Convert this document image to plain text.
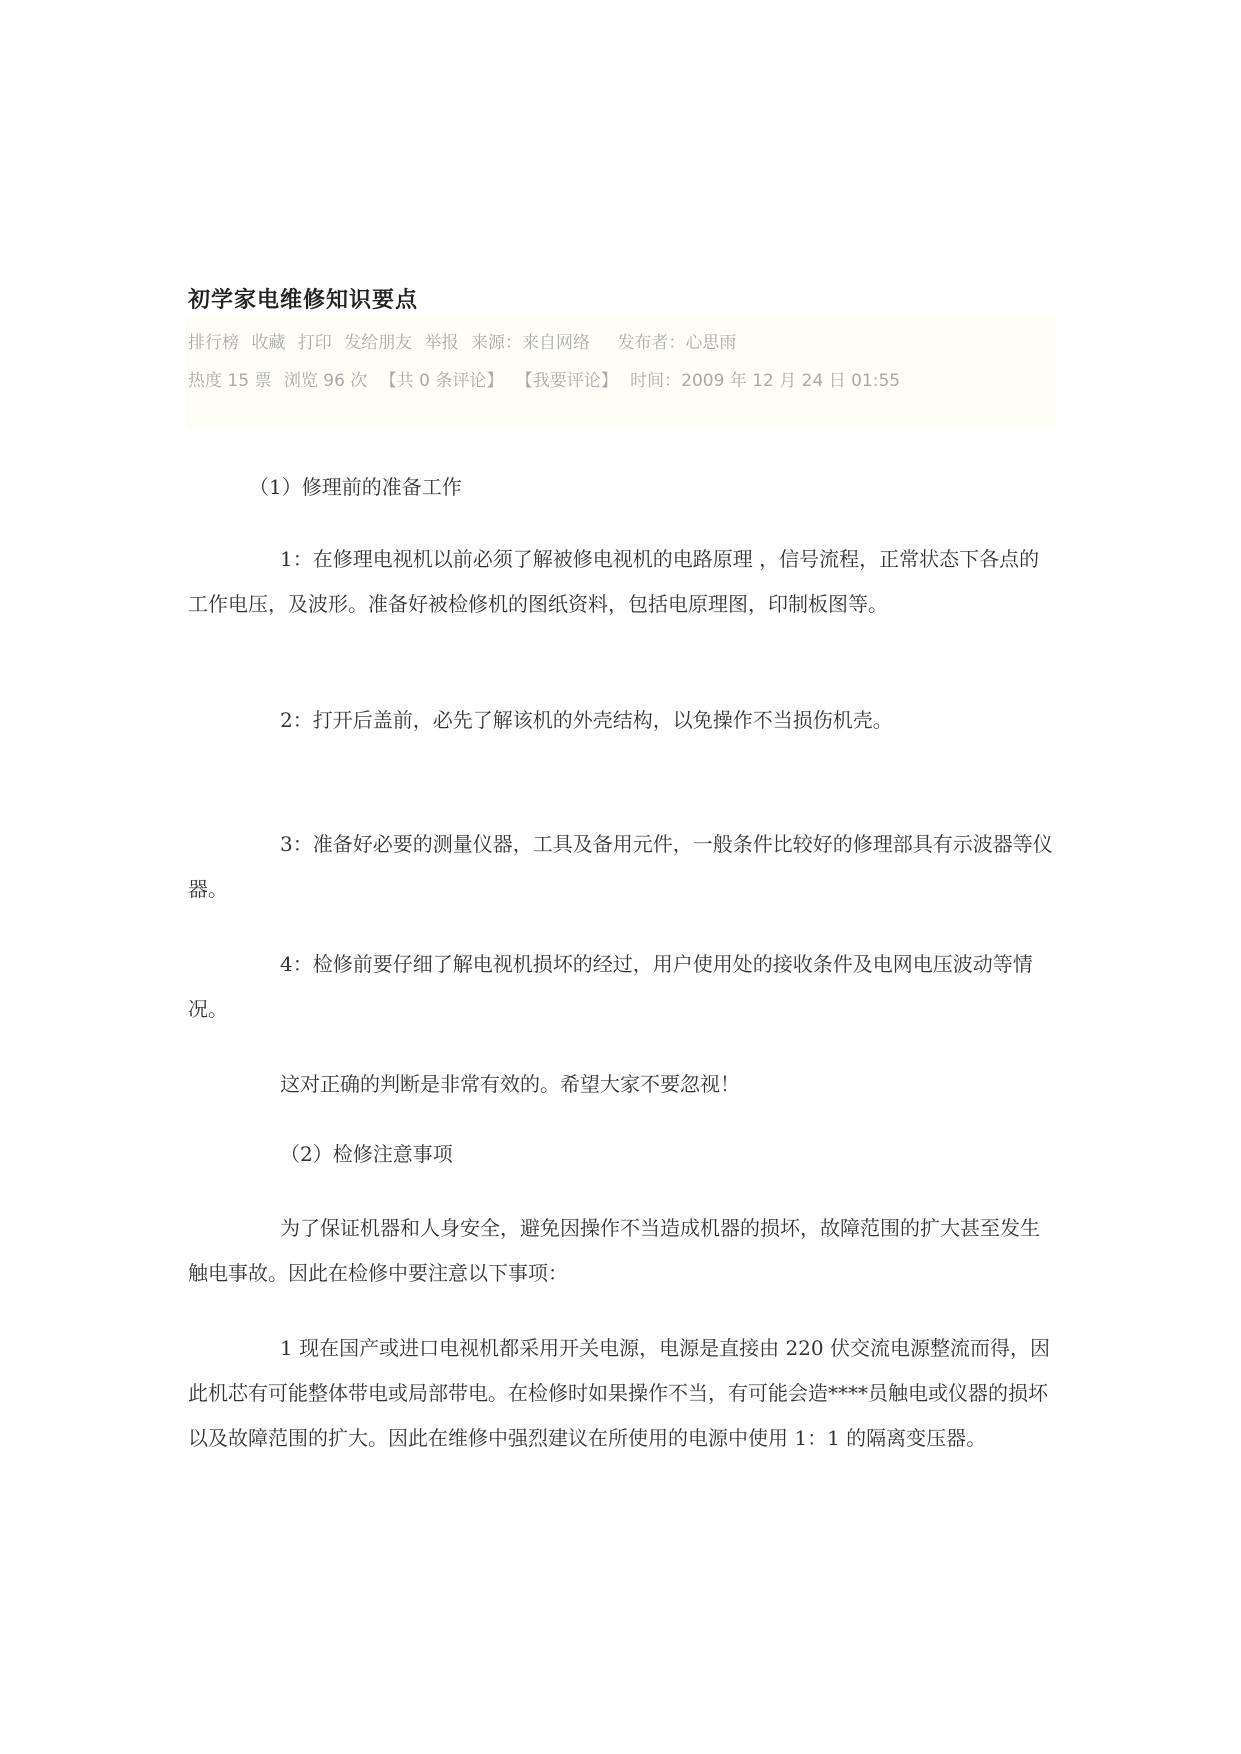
初学家电维修知识要点
排行榜 收藏 打印 发给朋友 举报 来源：来自网络 发布者：心思雨
热度 15 票 浏览 96 次 【共 0 条评论】 【我要评论】 时间：2009 年 12 月 24 日 01:55
（1）修理前的准备工作
1：在修理电视机以前必须了解被修电视机的电路原理 ，信号流程，正常状态下各点的工作电压，及波形。准备好被检修机的图纸资料，包括电原理图，印制板图等。
2：打开后盖前，必先了解该机的外壳结构，以免操作不当损伤机壳。
3：准备好必要的测量仪器，工具及备用元件，一般条件比较好的修理部具有示波器等仪器。
4：检修前要仔细了解电视机损坏的经过，用户使用处的接收条件及电网电压波动等情况。
这对正确的判断是非常有效的。希望大家不要忽视！
（2）检修注意事项
为了保证机器和人身安全，避免因操作不当造成机器的损坏，故障范围的扩大甚至发生触电事故。因此在检修中要注意以下事项：
1 现在国产或进口电视机都采用开关电源，电源是直接由 220 伏交流电源整流而得，因此机芯有可能整体带电或局部带电。在检修时如果操作不当，有可能会造****员触电或仪器的损坏以及故障范围的扩大。因此在维修中强烈建议在所使用的电源中使用 1：1 的隔离变压器。
